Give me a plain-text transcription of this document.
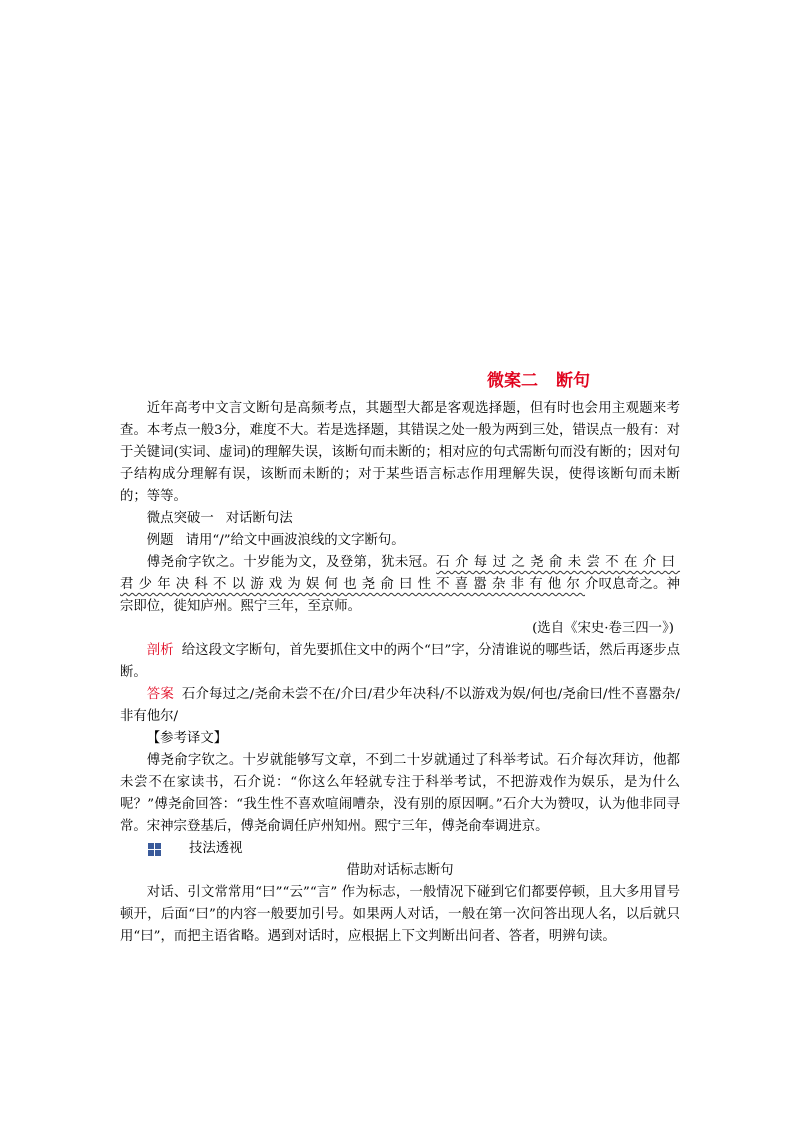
微案二 断句

近年高考中文言文断句是高频考点，其题型大都是客观选择题，但有时也会用主观题来考查。本考点一般3分，难度不大。若是选择题，其错误之处一般为两到三处，错误点一般有：对于关键词(实词、虚词)的理解失误，该断句而未断的；相对应的句式需断句而没有断的；因对句子结构成分理解有误，该断而未断的；对于某些语言标志作用理解失误，使得该断句而未断的；等等。

微点突破一 对话断句法

例题 请用“/”给文中画波浪线的文字断句。

傅尧俞字钦之。十岁能为文，及登第，犹未冠。石介每过之尧俞未尝不在介曰君少年决科不以游戏为娱何也尧俞曰性不喜嚣杂非有他尔介叹息奇之。神宗即位，徙知庐州。熙宁三年，至京师。

(选自《宋史·卷三四一》)

剖析 给这段文字断句，首先要抓住文中的两个“曰”字，分清谁说的哪些话，然后再逐步点断。

答案 石介每过之/尧俞未尝不在/介曰/君少年决科/不以游戏为娱/何也/尧俞曰/性不喜嚣杂/非有他尔/

【参考译文】

傅尧俞字钦之。十岁就能够写文章，不到二十岁就通过了科举考试。石介每次拜访，他都未尝不在家读书，石介说：“你这么年轻就专注于科举考试，不把游戏作为娱乐，是为什么呢？”傅尧俞回答：“我生性不喜欢喧闹嘈杂，没有别的原因啊。”石介大为赞叹，认为他非同寻常。宋神宗登基后，傅尧俞调任庐州知州。熙宁三年，傅尧俞奉调进京。

技法透视

借助对话标志断句

对话、引文常常用“曰”“云”“言” 作为标志，一般情况下碰到它们都要停顿，且大多用冒号顿开，后面“曰”的内容一般要加引号。如果两人对话，一般在第一次问答出现人名，以后就只用“曰”，而把主语省略。遇到对话时，应根据上下文判断出问者、答者，明辨句读。
